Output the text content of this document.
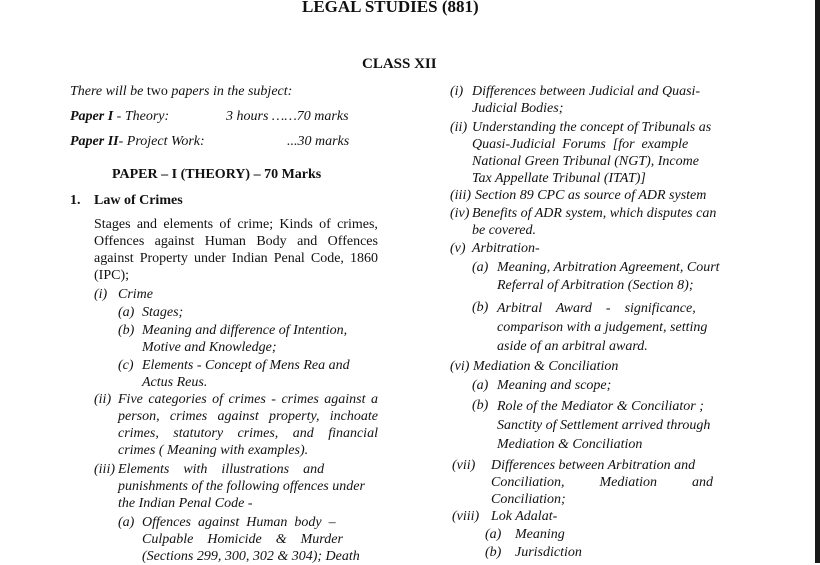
LEGAL STUDIES (881)
CLASS XII
There will be two papers in the subject:
Paper I - Theory:	3 hours ……70 marks
Paper II- Project Work:	...30 marks
PAPER – I (THEORY) – 70 Marks
1. Law of Crimes
Stages and elements of crime; Kinds of crimes,
Offences against Human Body and Offences
against Property under Indian Penal Code, 1860
(IPC);
(i) Crime
(a) Stages;
(b) Meaning and difference of Intention,
Motive and Knowledge;
(c) Elements - Concept of Mens Rea and
Actus Reus.
(ii) Five categories of crimes - crimes against a
person, crimes against property, inchoate
crimes, statutory crimes, and financial
crimes ( Meaning with examples).
(iii) Elements    with    illustrations    and
punishments of the following offences under
the Indian Penal Code -
(a) Offences  against  Human  body  –
Culpable    Homicide    &    Murder
(Sections 299, 300, 302 & 304); Death
(i) Differences between Judicial and Quasi-
Judicial Bodies;
(ii) Understanding the concept of Tribunals as
Quasi-Judicial  Forums  [for  example
National Green Tribunal (NGT), Income
Tax Appellate Tribunal (ITAT)]
(iii) Section 89 CPC as source of ADR system
(iv) Benefits of ADR system, which disputes can
be covered.
(v) Arbitration-
(a) Meaning, Arbitration Agreement, Court
Referral of Arbitration (Section 8);
(b) Arbitral    Award    -    significance,
comparison with a judgement, setting
aside of an arbitral award.
(vi) Mediation & Conciliation
(a) Meaning and scope;
(b) Role of the Mediator & Conciliator ;
Sanctity of Settlement arrived through
Mediation & Conciliation
(vii) Differences between Arbitration and
Conciliation,          Mediation          and
Conciliation;
(viii) Lok Adalat-
(a) Meaning
(b) Jurisdiction
